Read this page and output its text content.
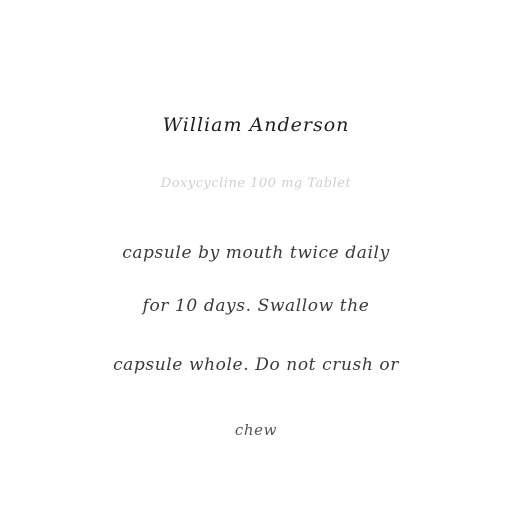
William Anderson
Doxycycline 100 mg Tablet
capsule by mouth twice daily
for 10 days. Swallow the
capsule whole. Do not crush or
chew
